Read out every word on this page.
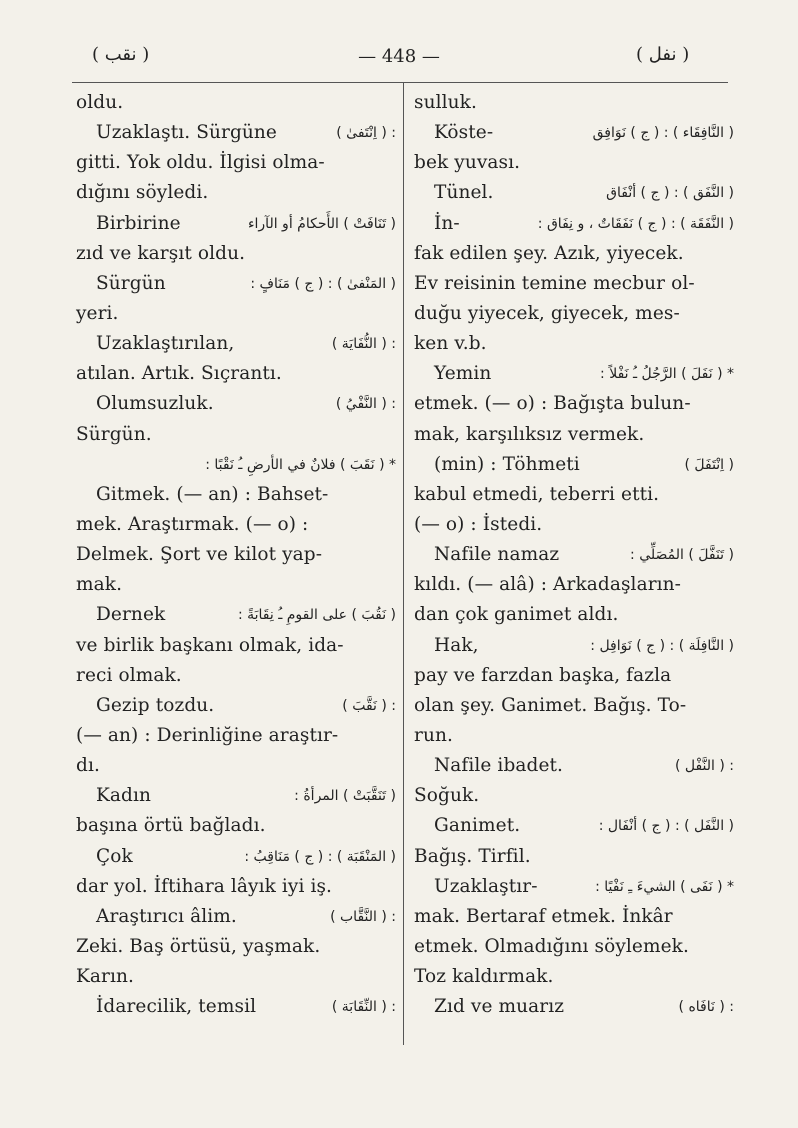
( نقب )	— 448 —	( نفل )
oldu.
Uzaklaştı. Sürgüne	: ( اِنْتَفىٰ )
gitti. Yok oldu. İlgisi olma-
dığını söyledi.
Birbirine	( تَنَافَتْ ) الأَحكامُ أو الآراء
zıd ve karşıt oldu.
Sürgün	( المَنْفىٰ ) : ( ج ) مَنَافٍ :
yeri.
Uzaklaştırılan,	: ( النُّفَايَة )
atılan. Artık. Sıçrantı.
Olumsuzluk.	: ( النَّفْيُ )
Sürgün.
* ( نَقَبَ ) فلانٌ في الأرضِ ـُ نَقْبًا :
Gitmek. (— an) : Bahset-
mek. Araştırmak. (— o) :
Delmek. Şort ve kilot yap-
mak.
Dernek	( نَقُبَ ) على القومِ ـُ نِقَابَةً :
ve birlik başkanı olmak, ida-
reci olmak.
Gezip tozdu.	: ( نَقَّبَ )
(— an) : Derinliğine araştır-
dı.
Kadın	( تَنَقَّبَتْ ) المرأةُ :
başına örtü bağladı.
Çok	( المَنْقَبَة ) : ( ج ) مَنَاقِبُ :
dar yol. İftihara lâyık iyi iş.
Araştırıcı âlim.	: ( النَّقَّاب )
Zeki. Baş örtüsü, yaşmak.
Karın.
İdarecilik, temsil	: ( النِّقَابَة )
sulluk.
Köste-	( النَّافِقَاء ) : ( ج ) نَوَافِق
bek yuvası.
Tünel.	( النَّفَق ) : ( ج ) أنْفَاق
İn-	( النَّفَقَة ) : ( ج ) نَفَقَاتٌ ، و نِفَاق :
fak edilen şey. Azık, yiyecek.
Ev reisinin temine mecbur ol-
duğu yiyecek, giyecek, mes-
ken v.b.
Yemin	* ( نَفَلَ ) الرَّجُلُ ـُ نَفْلاً :
etmek. (— o) : Bağışta bulun-
mak, karşılıksız vermek.
(min) : Töhmeti	( اِنْتَفَلَ )
kabul etmedi, teberri etti.
(— o) : İstedi.
Nafile namaz	( تَنَفَّلَ ) المُصَلِّي :
kıldı. (— alâ) : Arkadaşların-
dan çok ganimet aldı.
Hak,	( النَّافِلَة ) : ( ج ) نَوَافِل :
pay ve farzdan başka, fazla
olan şey. Ganimet. Bağış. To-
run.
Nafile ibadet.	: ( النَّفْل )
Soğuk.
Ganimet.	( النَّفَل ) : ( ج ) أنْفَال :
Bağış. Tirfil.
Uzaklaştır-	* ( نَفَى ) الشيءَ ـِ نَفْيًا :
mak. Bertaraf etmek. İnkâr
etmek. Olmadığını söylemek.
Toz kaldırmak.
Zıd ve muarız	: ( نَافَاه )
